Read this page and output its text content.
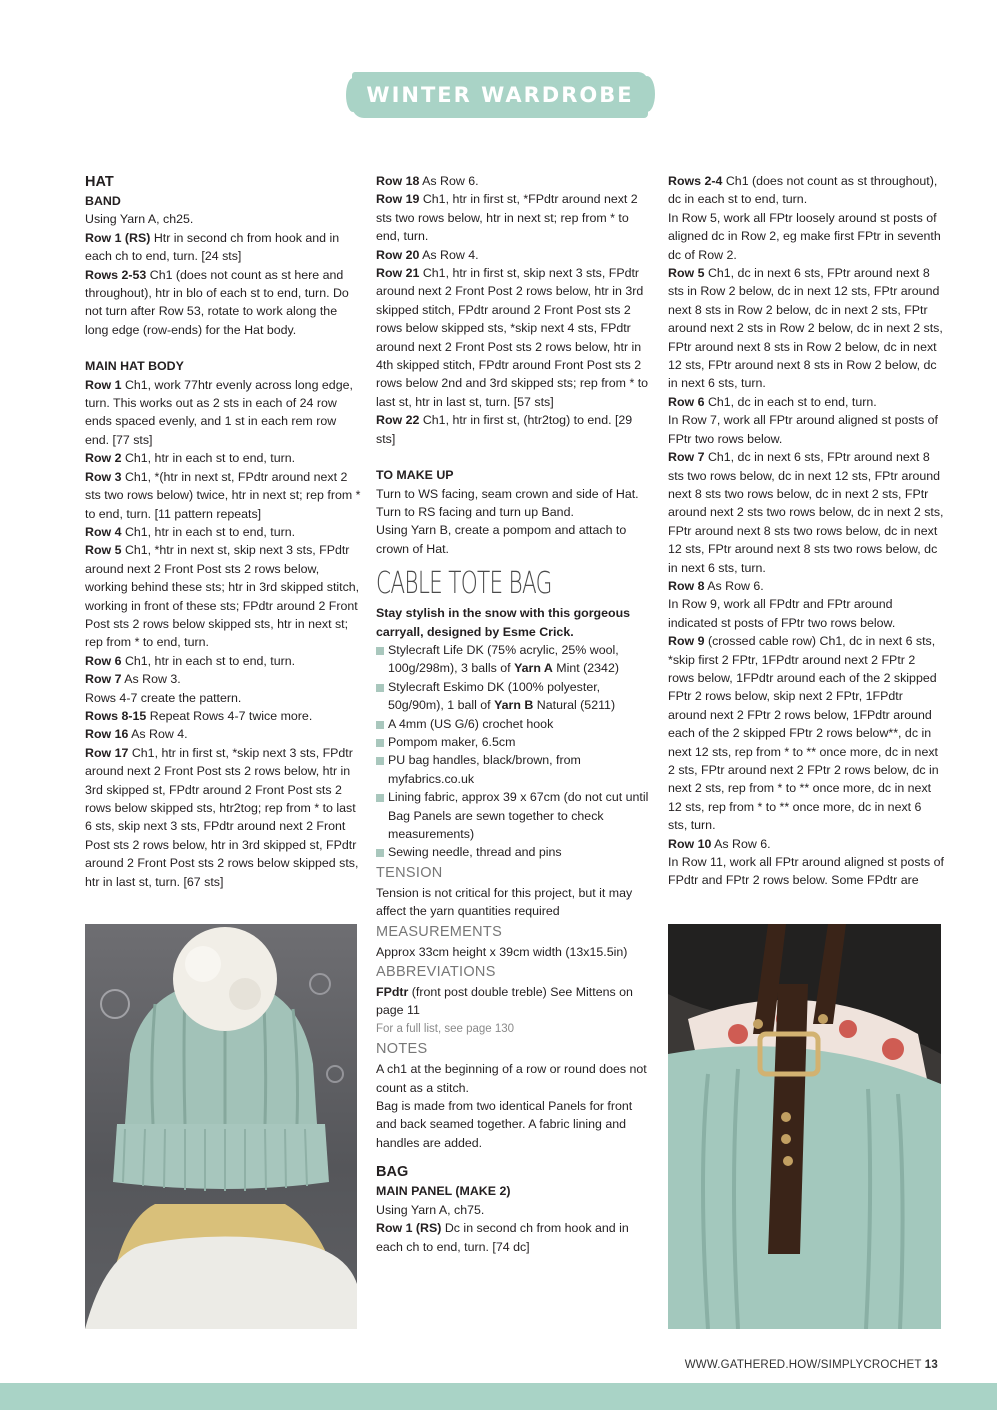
WINTER WARDROBE

HAT

BAND

Using Yarn A, ch25.

Row 1 (RS) Htr in second ch from hook and in each ch to end, turn. [24 sts]

Rows 2-53 Ch1 (does not count as st here and throughout), htr in blo of each st to end, turn. Do not turn after Row 53, rotate to work along the long edge (row-ends) for the Hat body.

MAIN HAT BODY

Row 1 Ch1, work 77htr evenly across long edge, turn. This works out as 2 sts in each of 24 row ends spaced evenly, and 1 st in each rem row end. [77 sts]

Row 2 Ch1, htr in each st to end, turn.

Row 3 Ch1, *(htr in next st, FPdtr around next 2 sts two rows below) twice, htr in next st; rep from * to end, turn. [11 pattern repeats]

Row 4 Ch1, htr in each st to end, turn.

Row 5 Ch1, *htr in next st, skip next 3 sts, FPdtr around next 2 Front Post sts 2 rows below, working behind these sts; htr in 3rd skipped stitch, working in front of these sts; FPdtr around 2 Front Post sts 2 rows below skipped sts, htr in next st; rep from * to end, turn.

Row 6 Ch1, htr in each st to end, turn.

Row 7 As Row 3.

Rows 4-7 create the pattern.

Rows 8-15 Repeat Rows 4-7 twice more.

Row 16 As Row 4.

Row 17 Ch1, htr in first st, *skip next 3 sts, FPdtr around next 2 Front Post sts 2 rows below, htr in 3rd skipped st, FPdtr around 2 Front Post sts 2 rows below skipped sts, htr2tog; rep from * to last 6 sts, skip next 3 sts, FPdtr around next 2 Front Post sts 2 rows below, htr in 3rd skipped st, FPdtr around 2 Front Post sts 2 rows below skipped sts, htr in last st, turn. [67 sts]

Row 18 As Row 6.

Row 19 Ch1, htr in first st, *FPdtr around next 2 sts two rows below, htr in next st; rep from * to end, turn.

Row 20 As Row 4.

Row 21 Ch1, htr in first st, skip next 3 sts, FPdtr around next 2 Front Post 2 rows below, htr in 3rd skipped stitch, FPdtr around 2 Front Post sts 2 rows below skipped sts, *skip next 4 sts, FPdtr around next 2 Front Post sts 2 rows below, htr in 4th skipped stitch, FPdtr around Front Post sts 2 rows below 2nd and 3rd skipped sts; rep from * to last st, htr in last st, turn. [57 sts]

Row 22 Ch1, htr in first st, (htr2tog) to end. [29 sts]

TO MAKE UP

Turn to WS facing, seam crown and side of Hat. Turn to RS facing and turn up Band.

Using Yarn B, create a pompom and attach to crown of Hat.

CABLE TOTE BAG

Stay stylish in the snow with this gorgeous carryall, designed by Esme Crick.

Stylecraft Life DK (75% acrylic, 25% wool, 100g/298m), 3 balls of Yarn A Mint (2342)
Stylecraft Eskimo DK (100% polyester, 50g/90m), 1 ball of Yarn B Natural (5211)
A 4mm (US G/6) crochet hook
Pompom maker, 6.5cm
PU bag handles, black/brown, from myfabrics.co.uk
Lining fabric, approx 39 x 67cm (do not cut until Bag Panels are sewn together to check measurements)
Sewing needle, thread and pins

TENSION

Tension is not critical for this project, but it may affect the yarn quantities required

MEASUREMENTS

Approx 33cm height x 39cm width (13x15.5in)

ABBREVIATIONS

FPdtr (front post double treble) See Mittens on page 11

For a full list, see page 130

NOTES

A ch1 at the beginning of a row or round does not count as a stitch.

Bag is made from two identical Panels for front and back seamed together. A fabric lining and handles are added.

BAG

MAIN PANEL (MAKE 2)

Using Yarn A, ch75.

Row 1 (RS) Dc in second ch from hook and in each ch to end, turn. [74 dc]

Rows 2-4 Ch1 (does not count as st throughout), dc in each st to end, turn.

In Row 5, work all FPtr loosely around st posts of aligned dc in Row 2, eg make first FPtr in seventh dc of Row 2.

Row 5 Ch1, dc in next 6 sts, FPtr around next 8 sts in Row 2 below, dc in next 12 sts, FPtr around next 8 sts in Row 2 below, dc in next 2 sts, FPtr around next 2 sts in Row 2 below, dc in next 2 sts, FPtr around next 8 sts in Row 2 below, dc in next 12 sts, FPtr around next 8 sts in Row 2 below, dc in next 6 sts, turn.

Row 6 Ch1, dc in each st to end, turn.

In Row 7, work all FPtr around aligned st posts of FPtr two rows below.

Row 7 Ch1, dc in next 6 sts, FPtr around next 8 sts two rows below, dc in next 12 sts, FPtr around next 8 sts two rows below, dc in next 2 sts, FPtr around next 2 sts two rows below, dc in next 2 sts, FPtr around next 8 sts two rows below, dc in next 12 sts, FPtr around next 8 sts two rows below, dc in next 6 sts, turn.

Row 8 As Row 6.

In Row 9, work all FPdtr and FPtr around indicated st posts of FPtr two rows below.

Row 9 (crossed cable row) Ch1, dc in next 6 sts, *skip first 2 FPtr, 1FPdtr around next 2 FPtr 2 rows below, 1FPdtr around each of the 2 skipped FPtr 2 rows below, skip next 2 FPtr, 1FPdtr around next 2 FPtr 2 rows below, 1FPdtr around each of the 2 skipped FPtr 2 rows below**, dc in next 12 sts, rep from * to ** once more, dc in next 2 sts, FPtr around next 2 FPtr 2 rows below, dc in next 2 sts, rep from * to ** once more, dc in next 12 sts, rep from * to ** once more, dc in next 6 sts, turn.

Row 10 As Row 6.

In Row 11, work all FPtr around aligned st posts of FPdtr and FPtr 2 rows below. Some FPdtr are

WWW.GATHERED.HOW/SIMPLYCROCHET 13
